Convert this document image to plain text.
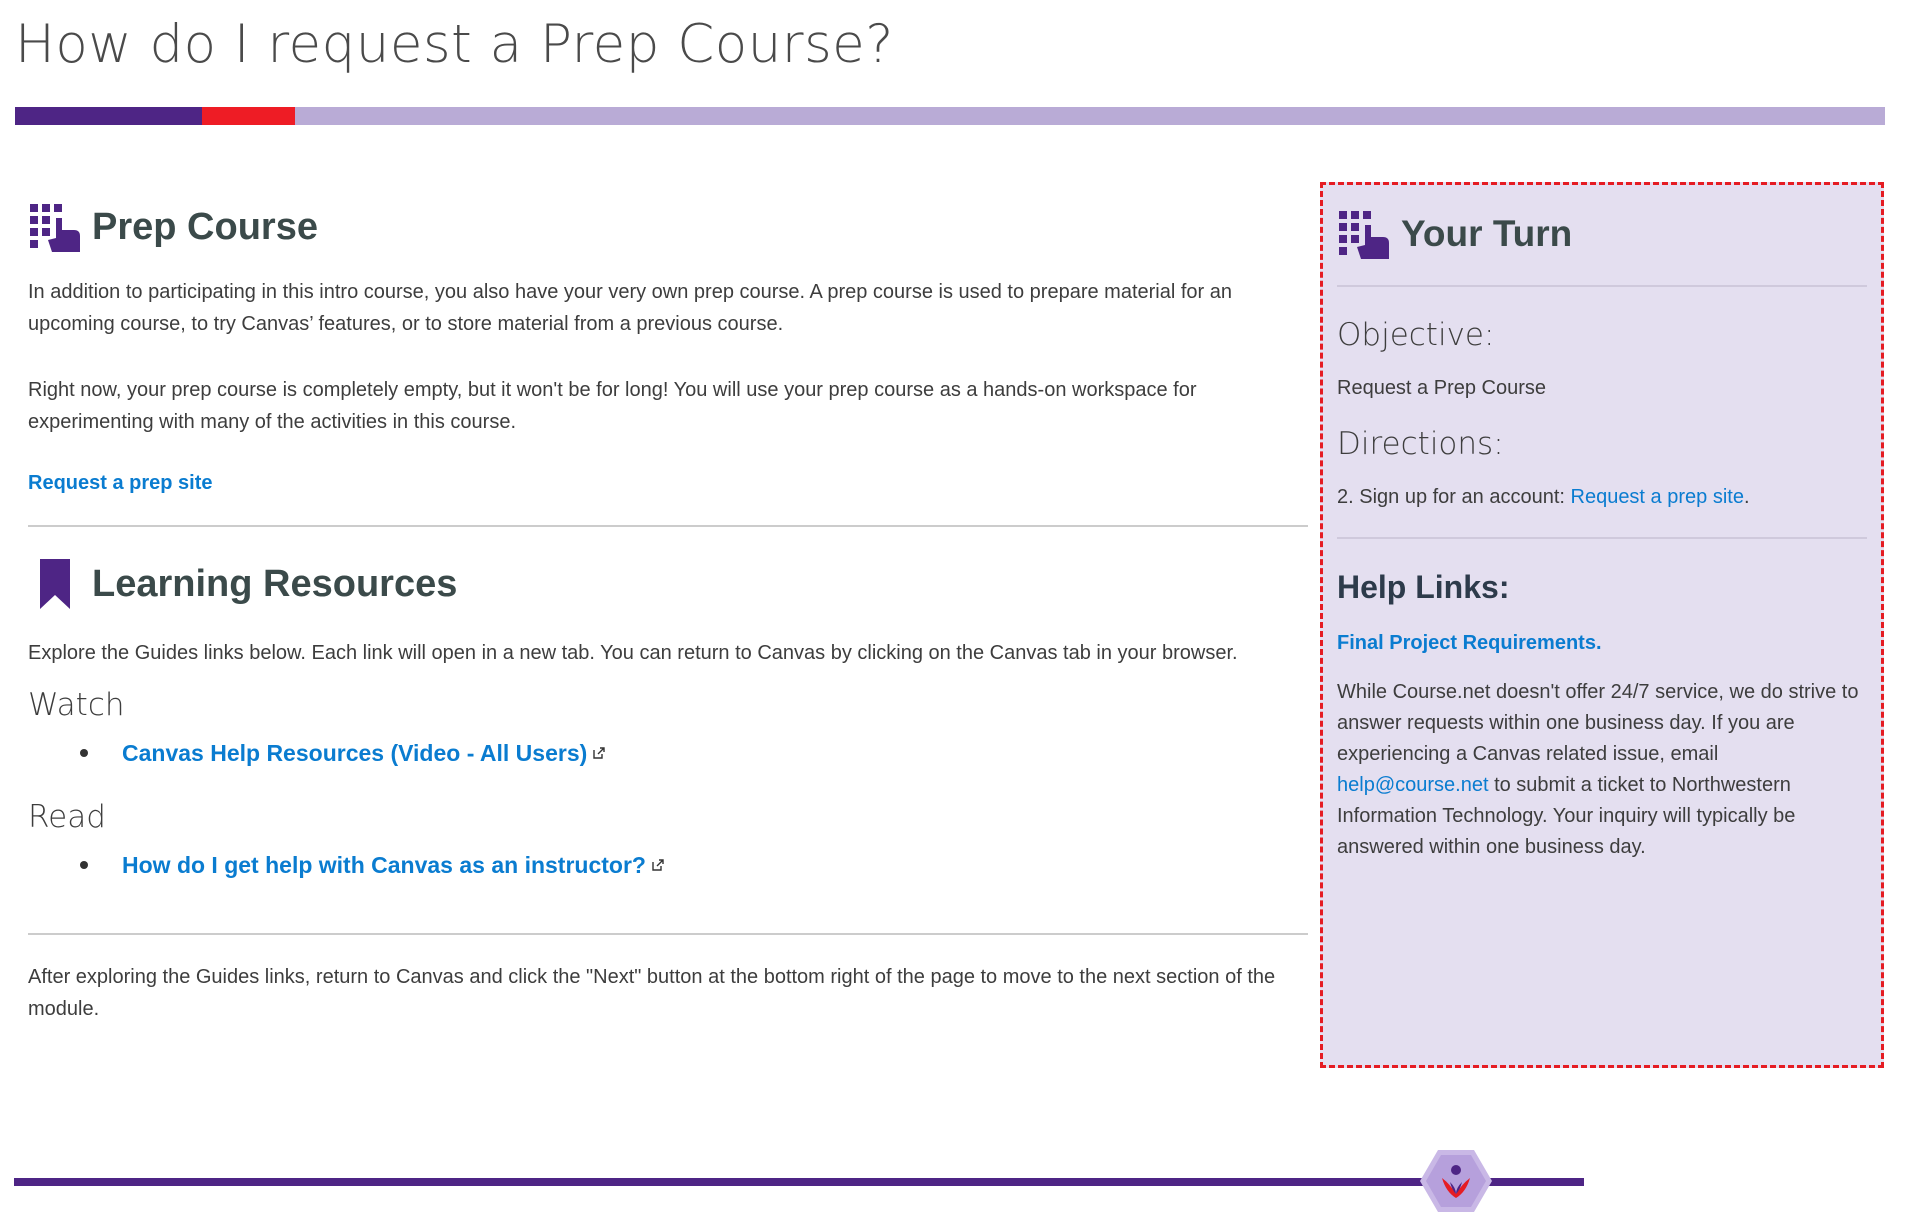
How do I request a Prep Course?
Prep Course

In addition to participating in this intro course, you also have your very own prep course. A prep course is used to prepare material for an upcoming course, to try Canvas’ features, or to store material from a previous course.

Right now, your prep course is completely empty, but it won't be for long! You will use your prep course as a hands-on workspace for experimenting with many of the activities in this course.

Request a prep site
Learning Resources

Explore the Guides links below. Each link will open in a new tab. You can return to Canvas by clicking on the Canvas tab in your browser.

Watch
Canvas Help Resources (Video - All Users)
Read
How do I get help with Canvas as an instructor?

After exploring the Guides links, return to Canvas and click the "Next" button at the bottom right of the page to move to the next section of the module.

Your Turn
Objective:

Request a Prep Course

Directions:

2. Sign up for an account: Request a prep site.

Help Links:

Final Project Requirements.

While Course.net doesn't offer 24/7 service, we do strive to answer requests within one business day. If you are experiencing a Canvas related issue, email help@course.net to submit a ticket to Northwestern Information Technology. Your inquiry will typically be answered within one business day.
